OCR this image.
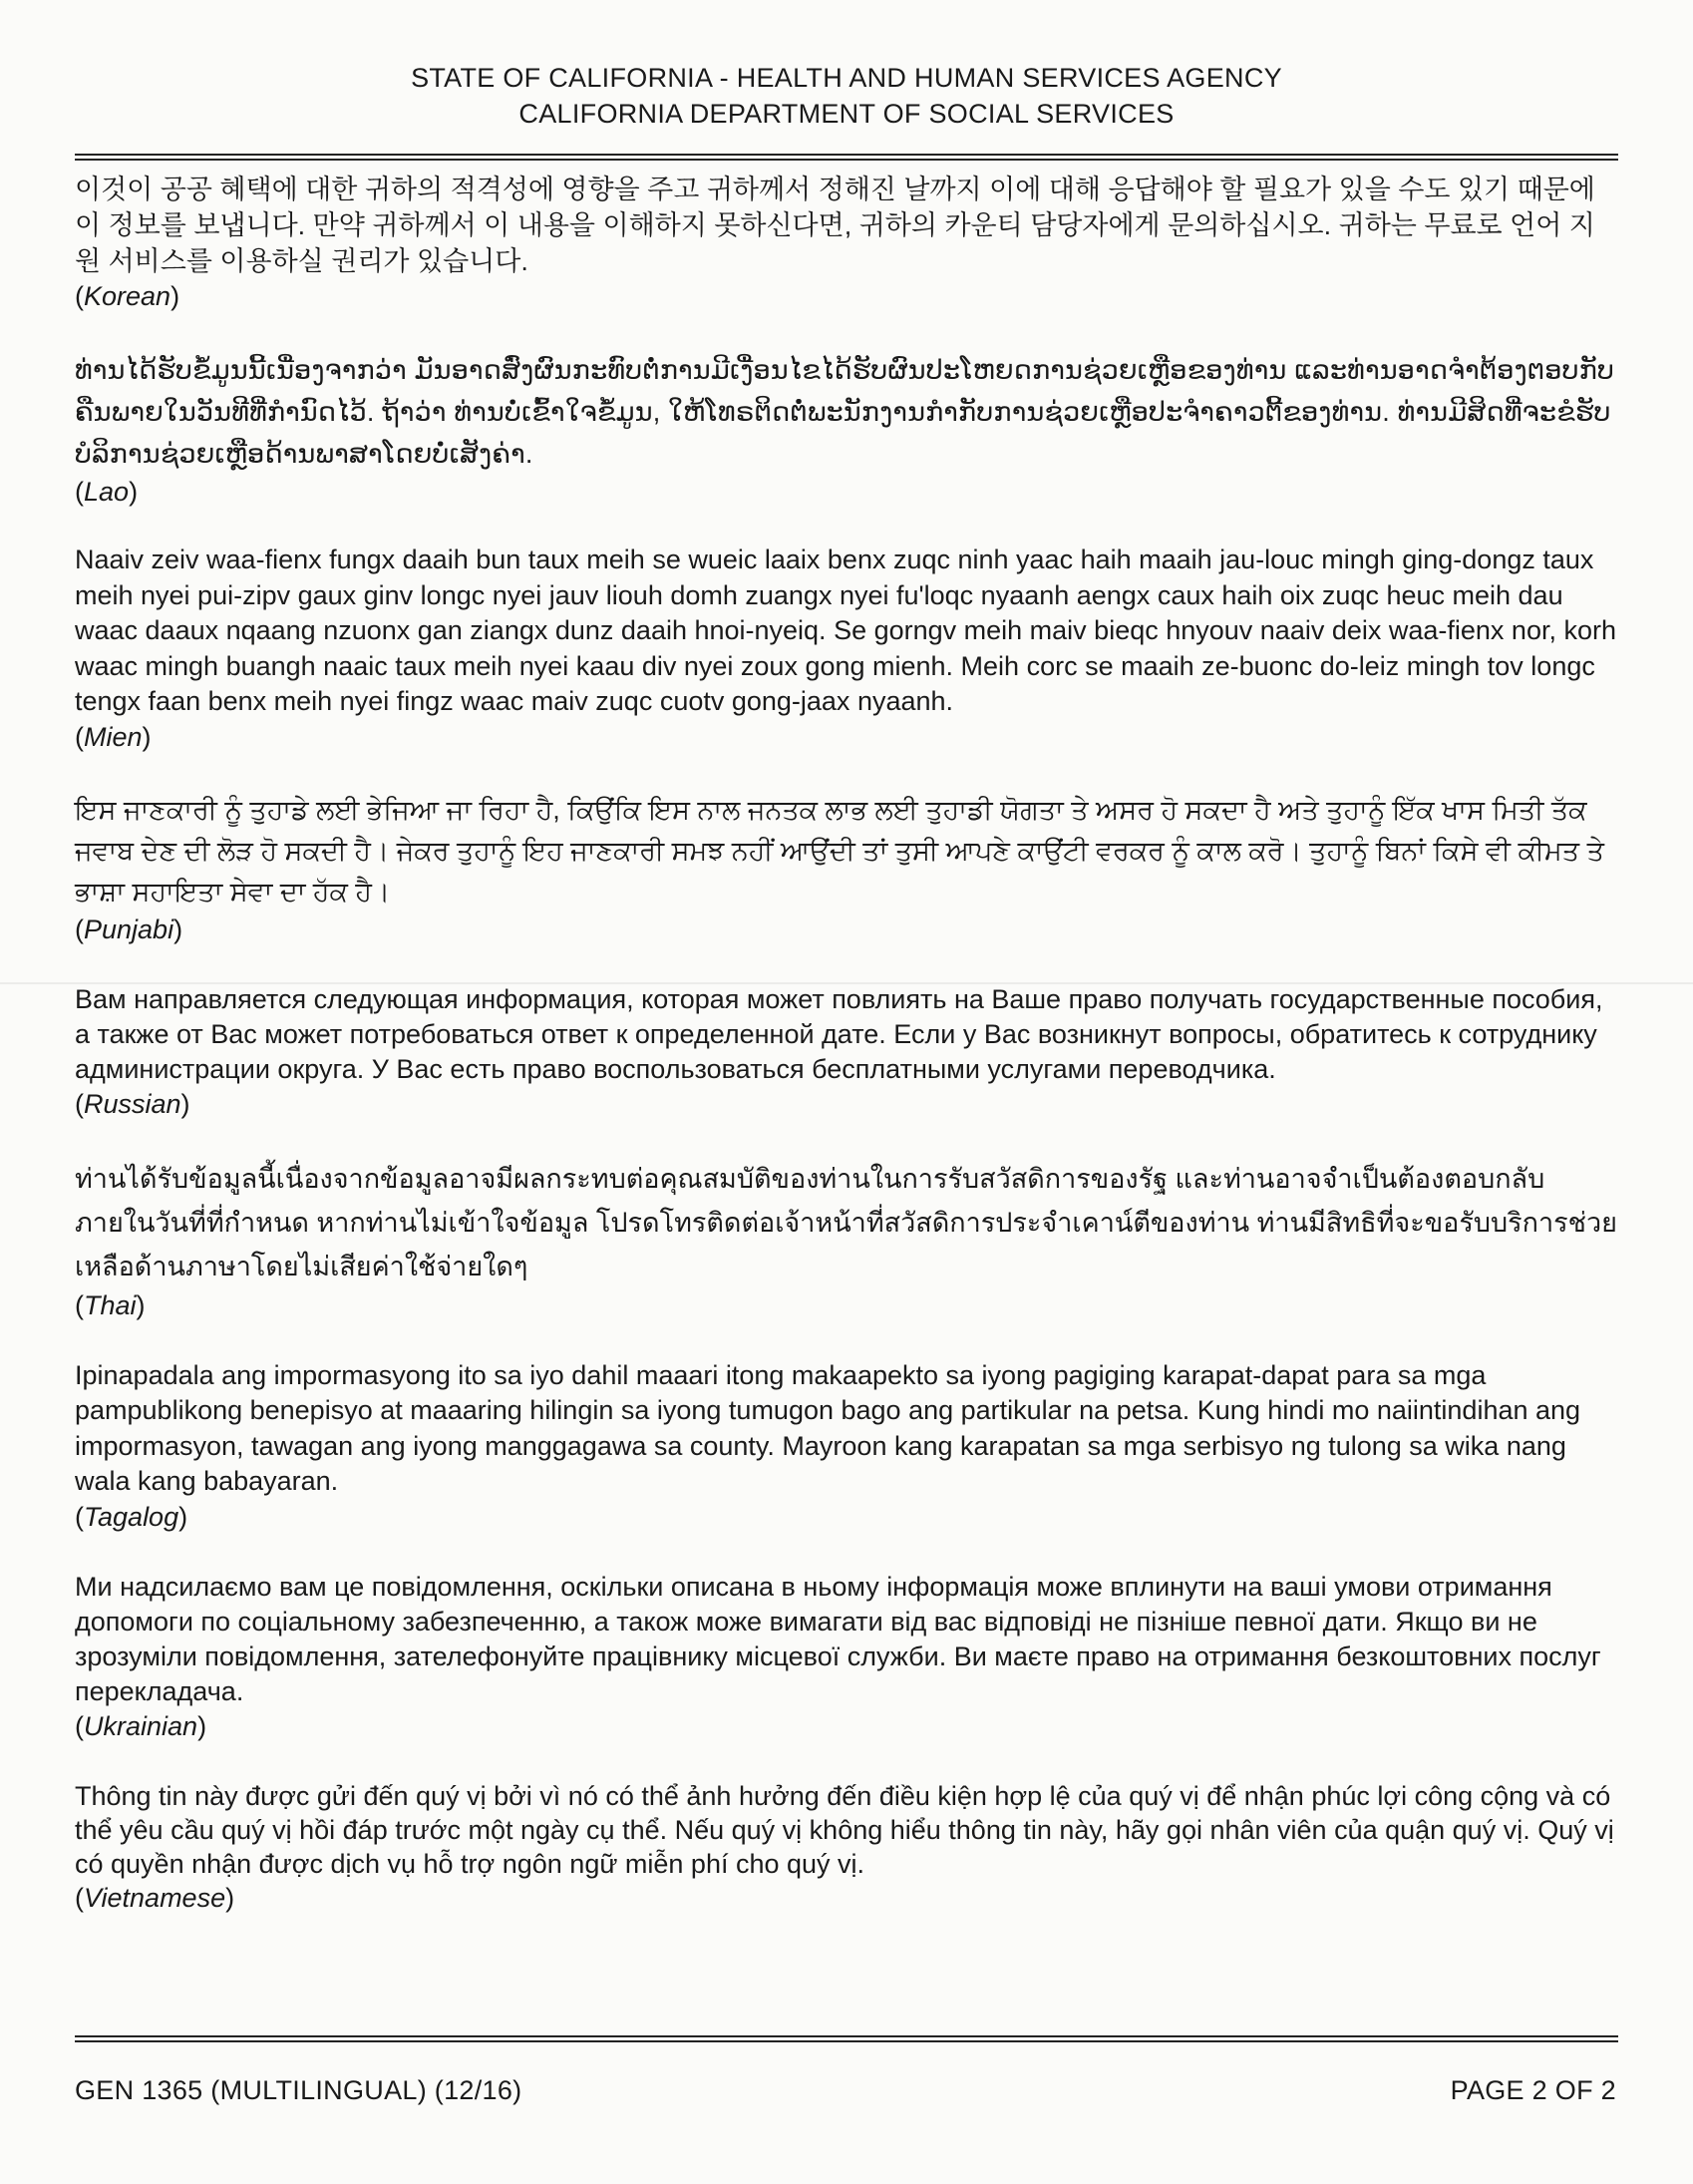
STATE OF CALIFORNIA - HEALTH AND HUMAN SERVICES AGENCY
CALIFORNIA DEPARTMENT OF SOCIAL SERVICES

이것이 공공 혜택에 대한 귀하의 적격성에 영향을 주고 귀하께서 정해진 날까지 이에 대해 응답해야 할 필요가 있을 수도 있기 때문에 이 정보를 보냅니다. 만약 귀하께서 이 내용을 이해하지 못하신다면, 귀하의 카운티 담당자에게 문의하십시오. 귀하는 무료로 언어 지원 서비스를 이용하실 권리가 있습니다.

(Korean)

ທ່ານໄດ້ຮັບຂໍ້ມູນນີ້ເນື່ອງຈາກວ່າ ມັນອາດສົ່ງຜົນກະທົບຕໍ່ການມີເງື່ອນໄຂໄດ້ຮັບຜົນປະໂຫຍດການຊ່ວຍເຫຼືອຂອງທ່ານ ແລະທ່ານອາດຈຳຕ້ອງຕອບກັບຄືນພາຍໃນວັນທີທີ່ກຳນົດໄວ້. ຖ້າວ່າ ທ່ານບໍ່ເຂົ້າໃຈຂໍ້ມູນ, ໃຫ້ໂທຣຕິດຕໍ່ພະນັກງານກຳກັບການຊ່ວຍເຫຼືອປະຈຳຄາວຕີ້ຂອງທ່ານ. ທ່ານມີສິດທີ່ຈະຂໍຮັບບໍລິການຊ່ວຍເຫຼືອດ້ານພາສາໂດຍບໍ່ເສັງຄ່າ.

(Lao)

Naaiv zeiv waa-fienx fungx daaih bun taux meih se wueic laaix benx zuqc ninh yaac haih maaih jau-louc mingh ging-dongz taux meih nyei pui-zipv gaux ginv longc nyei jauv liouh domh zuangx nyei fu'loqc nyaanh aengx caux haih oix zuqc heuc meih dau waac daaux nqaang nzuonx gan ziangx dunz daaih hnoi-nyeiq. Se gorngv meih maiv bieqc hnyouv naaiv deix waa-fienx nor, korh waac mingh buangh naaic taux meih nyei kaau div nyei zoux gong mienh. Meih corc se maaih ze-buonc do-leiz mingh tov longc tengx faan benx meih nyei fingz waac maiv zuqc cuotv gong-jaax nyaanh.

(Mien)

ਇਸ ਜਾਣਕਾਰੀ ਨੂੰ ਤੁਹਾਡੇ ਲਈ ਭੇਜਿਆ ਜਾ ਰਿਹਾ ਹੈ, ਕਿਉਂਕਿ ਇਸ ਨਾਲ ਜਨਤਕ ਲਾਭ ਲਈ ਤੁਹਾਡੀ ਯੋਗਤਾ ਤੇ ਅਸਰ ਹੋ ਸਕਦਾ ਹੈ ਅਤੇ ਤੁਹਾਨੂੰ ਇੱਕ ਖਾਸ ਮਿਤੀ ਤੱਕ ਜਵਾਬ ਦੇਣ ਦੀ ਲੋੜ ਹੋ ਸਕਦੀ ਹੈ। ਜੇਕਰ ਤੁਹਾਨੂੰ ਇਹ ਜਾਣਕਾਰੀ ਸਮਝ ਨਹੀਂ ਆਉਂਦੀ ਤਾਂ ਤੁਸੀ ਆਪਣੇ ਕਾਉਂਟੀ ਵਰਕਰ ਨੂੰ ਕਾਲ ਕਰੋ। ਤੁਹਾਨੂੰ ਬਿਨਾਂ ਕਿਸੇ ਵੀ ਕੀਮਤ ਤੇ ਭਾਸ਼ਾ ਸਹਾਇਤਾ ਸੇਵਾ ਦਾ ਹੱਕ ਹੈ।

(Punjabi)

Вам направляется следующая информация, которая может повлиять на Ваше право получать государственные пособия, а также от Вас может потребоваться ответ к определенной дате. Если у Вас возникнут вопросы, обратитесь к сотруднику администрации округа. У Вас есть право воспользоваться бесплатными услугами переводчика.

(Russian)

ท่านได้รับข้อมูลนี้เนื่องจากข้อมูลอาจมีผลกระทบต่อคุณสมบัติของท่านในการรับสวัสดิการของรัฐ และท่านอาจจำเป็นต้องตอบกลับภายในวันที่ที่กำหนด หากท่านไม่เข้าใจข้อมูล โปรดโทรติดต่อเจ้าหน้าที่สวัสดิการประจำเคาน์ตีของท่าน ท่านมีสิทธิที่จะขอรับบริการช่วยเหลือด้านภาษาโดยไม่เสียค่าใช้จ่ายใดๆ

(Thai)

Ipinapadala ang impormasyong ito sa iyo dahil maaari itong makaapekto sa iyong pagiging karapat-dapat para sa mga pampublikong benepisyo at maaaring hilingin sa iyong tumugon bago ang partikular na petsa. Kung hindi mo naiintindihan ang impormasyon, tawagan ang iyong manggagawa sa county. Mayroon kang karapatan sa mga serbisyo ng tulong sa wika nang wala kang babayaran.

(Tagalog)

Ми надсилаємо вам це повідомлення, оскільки описана в ньому інформація може вплинути на ваші умови отримання допомоги по соціальному забезпеченню, а також може вимагати від вас відповіді не пізніше певної дати. Якщо ви не зрозуміли повідомлення, зателефонуйте працівнику місцевої служби. Ви маєте право на отримання безкоштовних послуг перекладача.

(Ukrainian)

Thông tin này được gửi đến quý vị bởi vì nó có thể ảnh hưởng đến điều kiện hợp lệ của quý vị để nhận phúc lợi công cộng và có thể yêu cầu quý vị hồi đáp trước một ngày cụ thể. Nếu quý vị không hiểu thông tin này, hãy gọi nhân viên của quận quý vị. Quý vị có quyền nhận được dịch vụ hỗ trợ ngôn ngữ miễn phí cho quý vị.

(Vietnamese)

GEN 1365 (MULTILINGUAL) (12/16)	PAGE 2 OF 2
